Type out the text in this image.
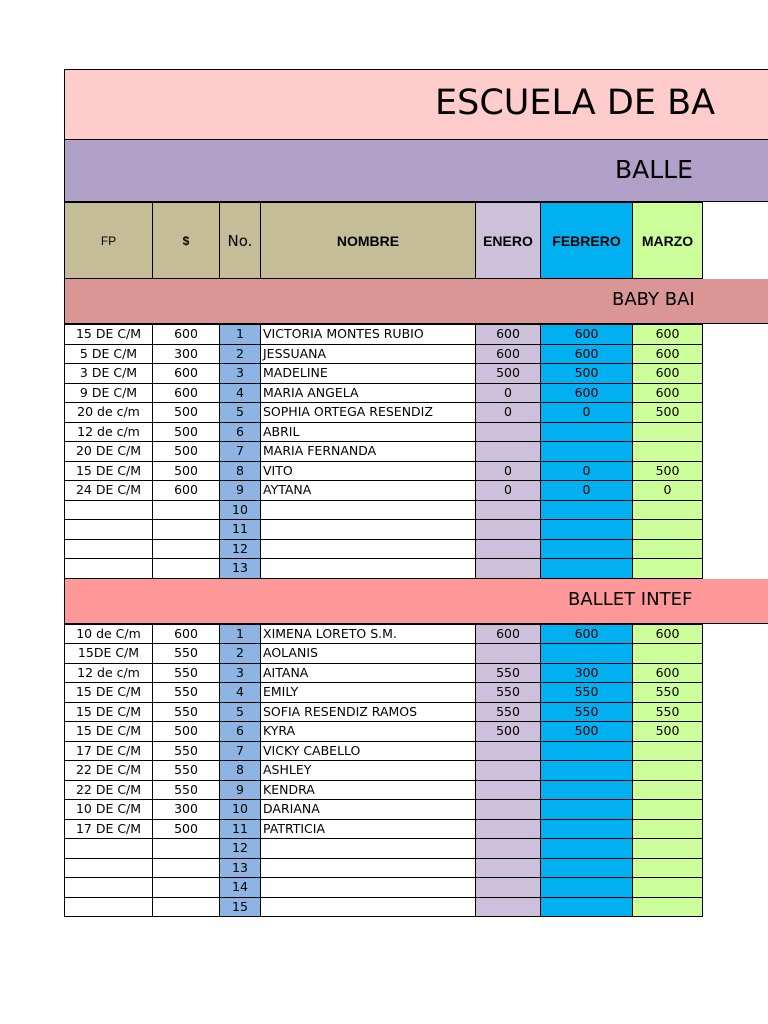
ESCUELA DE BA
BALLE
FP	$	No.	NOMBRE	ENERO	FEBRERO	MARZO
BABY BAI
15 DE C/M	600	1	VICTORIA MONTES RUBIO	600	600	600
5 DE C/M	300	2	JESSUANA	600	600	600
3 DE C/M	600	3	MADELINE	500	500	600
9 DE C/M	600	4	MARIA ANGELA	0	600	600
20 de c/m	500	5	SOPHIA ORTEGA RESENDIZ	0	0	500
12 de c/m	500	6	ABRIL			
20 DE C/M	500	7	MARIA FERNANDA			
15 DE C/M	500	8	VITO	0	0	500
24 DE C/M	600	9	AYTANA	0	0	0
		10				
		11				
		12				
		13				
BALLET INTEF
10 de C/m	600	1	XIMENA LORETO S.M.	600	600	600
15DE C/M	550	2	AOLANIS			
12 de c/m	550	3	AITANA	550	300	600
15 DE C/M	550	4	EMILY	550	550	550
15 DE C/M	550	5	SOFIA RESENDIZ RAMOS	550	550	550
15 DE C/M	500	6	KYRA	500	500	500
17 DE C/M	550	7	VICKY CABELLO			
22 DE C/M	550	8	ASHLEY			
22 DE C/M	550	9	KENDRA			
10 DE C/M	300	10	DARIANA			
17 DE C/M	500	11	PATRTICIA			
		12				
		13				
		14				
		15				
